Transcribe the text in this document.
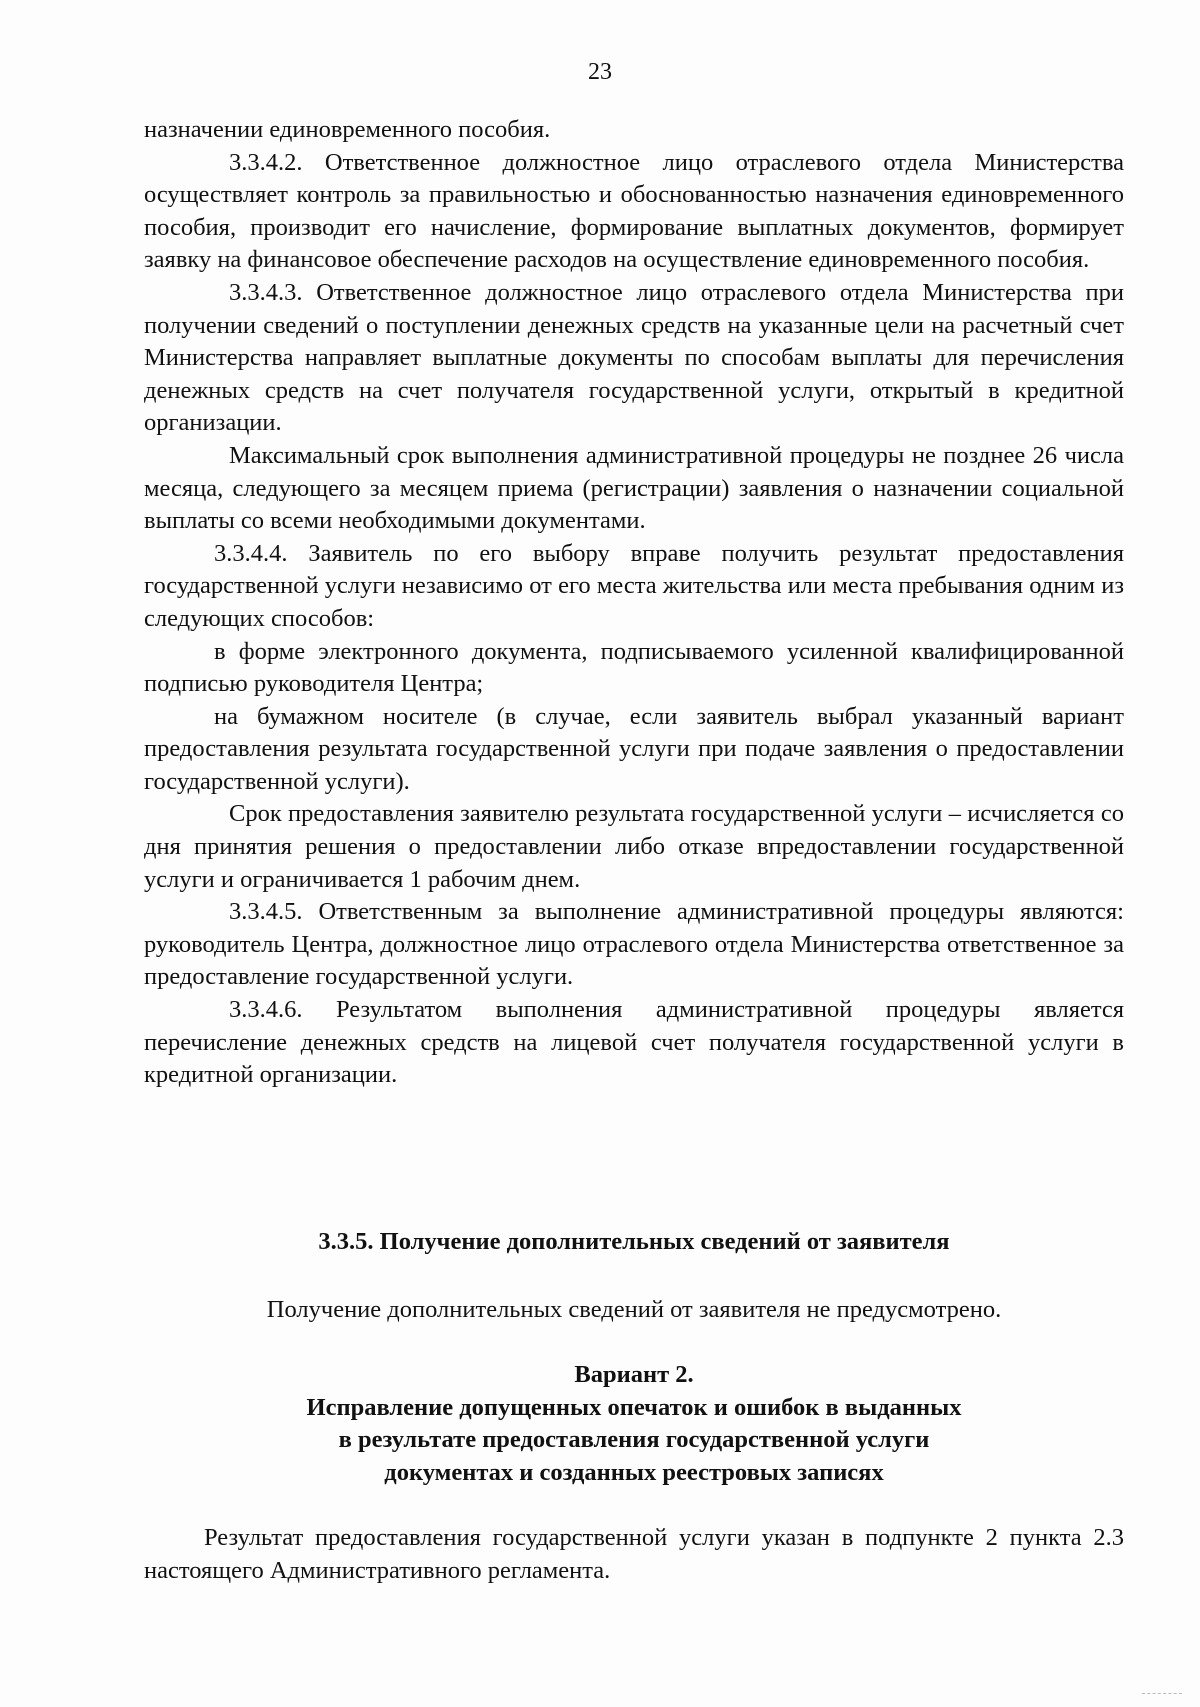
23

назначении единовременного пособия.

3.3.4.2. Ответственное должностное лицо отраслевого отдела Министерства осуществляет контроль за правильностью и обоснованностью назначения единовременного пособия, производит его начисление, формирование выплатных документов, формирует заявку на финансовое обеспечение расходов на осуществление единовременного пособия.

3.3.4.3. Ответственное должностное лицо отраслевого отдела Министерства при получении сведений о поступлении денежных средств на указанные цели на расчетный счет Министерства направляет выплатные документы по способам выплаты для перечисления денежных средств на счет получателя государственной услуги, открытый в кредитной организации.

Максимальный срок выполнения административной процедуры не позднее 26 числа месяца, следующего за месяцем приема (регистрации) заявления о назначении социальной выплаты со всеми необходимыми документами.

3.3.4.4. Заявитель по его выбору вправе получить результат предоставления государственной услуги независимо от его места жительства или места пребывания одним из следующих способов:

в форме электронного документа, подписываемого усиленной квалифицированной подписью руководителя Центра;

на бумажном носителе (в случае, если заявитель выбрал указанный вариант предоставления результата государственной услуги при подаче заявления о предоставлении государственной услуги).

Срок предоставления заявителю результата государственной услуги – исчисляется со дня принятия решения о предоставлении либо отказе впредоставлении государственной услуги и ограничивается 1 рабочим днем.

3.3.4.5. Ответственным за выполнение административной процедуры являются: руководитель Центра, должностное лицо отраслевого отдела Министерства ответственное за предоставление государственной услуги.

3.3.4.6. Результатом выполнения административной процедуры является перечисление денежных средств на лицевой счет получателя государственной услуги в кредитной организации.

3.3.5. Получение дополнительных сведений от заявителя
Получение дополнительных сведений от заявителя не предусмотрено.
Вариант 2.
Исправление допущенных опечаток и ошибок в выданных
в результате предоставления государственной услуги
документах и созданных реестровых записях

Результат предоставления государственной услуги указан в подпункте 2 пункта 2.3 настоящего Административного регламента.
